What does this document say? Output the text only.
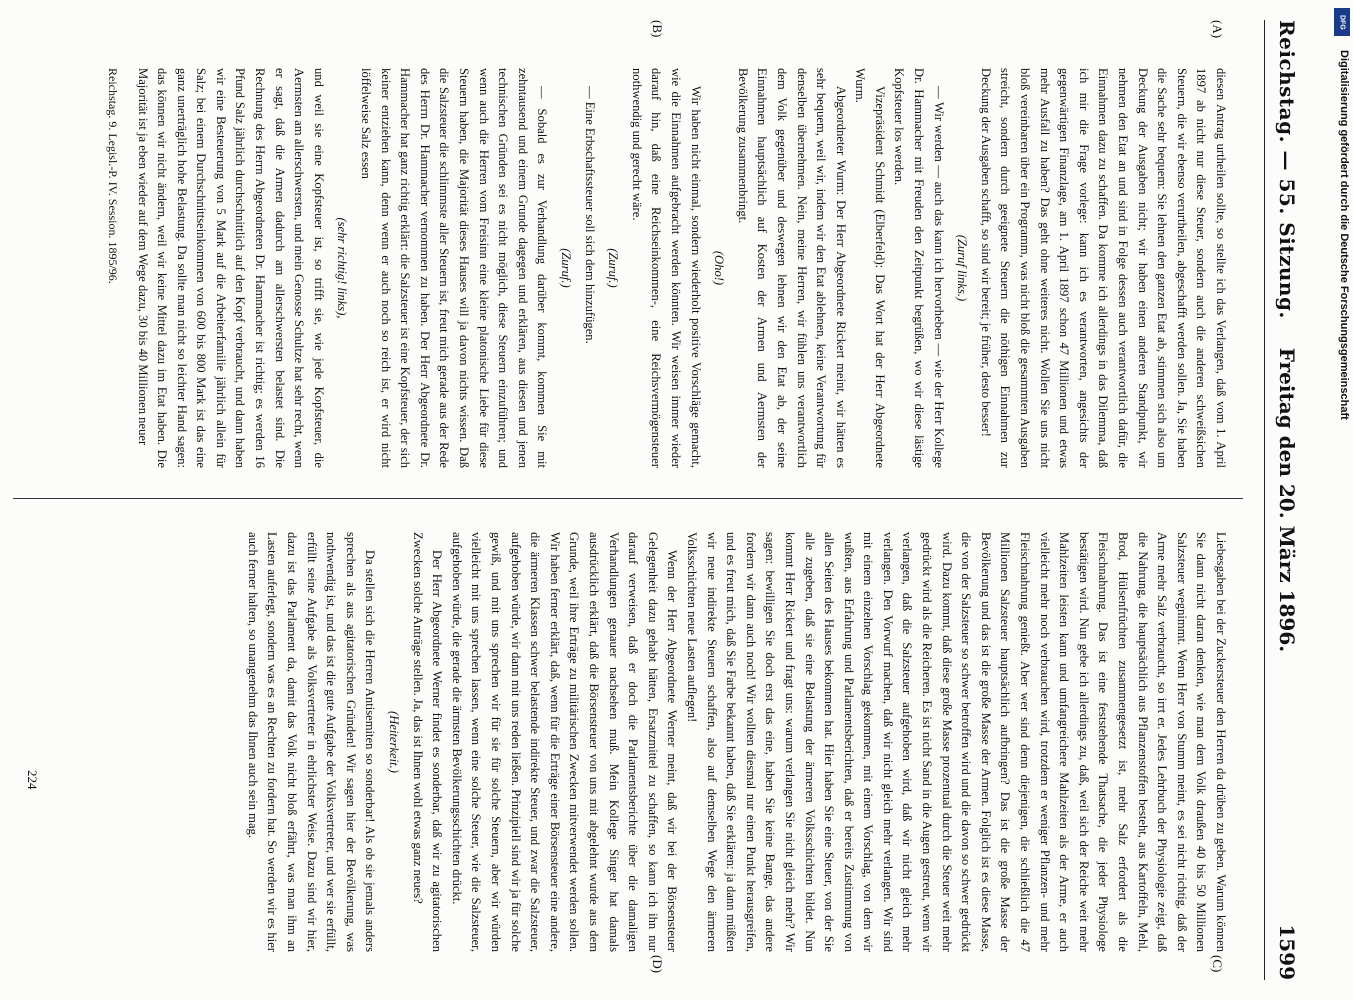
Reichstag. — 55. Sitzung.
Freitag den 20. März 1896.
1599
(A)
(B)
(C)
(D)

diesen Antrag urtheilen sollte, so stellte ich das Verlangen, daß vom 1. April 1897 ab nicht nur diese Steuer, sondern auch die anderen schweißsichen Steuern, die wir ebenso verurtheilen, abgeschafft werden sollen. Ja, Sie haben die Sache sehr bequem: Sie lehnen den ganzen Etat ab, stimmen sich also um Deckung der Ausgaben nicht; wir haben einen anderen Standpunkt, wir nehmen den Etat an und sind in Folge dessen auch verantwortlich dafür, die Einnahmen dazu zu schaffen. Da komme ich allerdings in das Dilemma, daß ich mir die Frage vorlege: kann ich es verantworten, angesichts der gegenwärtigen Finanzlage, am 1. April 1897 schon 47 Millionen und etwas mehr Ausfall zu haben? Das geht ohne weiteres nicht. Wollen Sie uns nicht bloß vereinbaren über ein Programm, was nicht bloß die gesammten Ausgaben streicht, sondern durch geeignete Steuern die nöthigen Einnahmen zur Deckung der Ausgaben schafft, so sind wir bereit; je früher, desto besser!

(Zuruf links.)

— Wir werden — auch das kann ich hervorheben — wie der Herr Kollege Dr. Hammacher mit Freuden den Zeitpunkt begrüßen, wo wir diese lästige Kopfsteuer los werden.

Vizepräsident Schmidt (Elberfeld): Das Wort hat der Herr Abgeordnete Wurm.

Abgeordneter Wurm: Der Herr Abgeordnete Rickert meint, wir hätten es sehr bequem, weil wir, indem wir den Etat ablehnen, keine Verantwortung für denselben übernehmen. Nein, meine Herren, wir fühlen uns verantwortlich dem Volk gegenüber und deswegen lehnen wir den Etat ab, der seine Einnahmen hauptsächlich auf Kosten der Armen und Aermsten der Bevölkerung zusammenbringt.

(Oho!)

Wir haben nicht einmal, sondern wiederholt positive Vorschläge gemacht, wie die Einnahmen aufgebracht werden könnten. Wir weisen immer wieder darauf hin, daß eine Reichseinkommen-, eine Reichsvermögensteuer nothwendig und gerecht wäre.

(Zuruf.)

— Eine Erbschaftssteuer soll sich dem hinzufügen.

(Zuruf.)

— Sobald es zur Verhandlung darüber kommt, kommen Sie mit zehntausend und einem Grunde dagegen und erklären, aus diesen und jenen technischen Gründen sei es nicht möglich, diese Steuern einzuführen; und wenn auch die Herren vom Freisinn eine kleine platonische Liebe für diese Steuern haben, die Majorität dieses Hauses will ja davon nichts wissen. Daß die Salzsteuer die schlimmste aller Steuern ist, freut mich gerade aus der Rede des Herrn Dr. Hammacher vernommen zu haben. Der Herr Abgeordnete Dr. Hammacher hat ganz richtig erklärt: die Salzsteuer ist eine Kopfsteuer, der sich keiner entziehen kann, denn wenn er auch noch so reich ist, er wird nicht löffelweise Salz essen

(sehr richtig! links),

und weil sie eine Kopfsteuer ist, so trifft sie, wie jede Kopfsteuer, die Aermsten am allerschwersten, und mein Genosse Schultze hat sehr recht, wenn er sagt, daß die Armen dadurch am allerschwersten belastet sind. Die Rechnung des Herrn Abgeordneten Dr. Hammacher ist richtig; es werden 16 Pfund Salz jährlich durchschnittlich auf den Kopf verbraucht, und dann haben wir eine Besteuerung von 5 Mark auf die Arbeiterfamilie jährlich allein für Salz; bei einem Durchschnittseinkommen von 600 bis 800 Mark ist das eine ganz unerträglich hohe Belastung. Da sollte man nicht so leichter Hand sagen: das können wir nicht ändern, weil wir keine Mittel dazu im Etat haben. Die Majorität ist ja eben wieder auf dem Wege dazu, 30 bis 40 Millionen neuer

Reichstag. 9. Legisl.-P. IV. Session. 1895/96.

Liebesgaben bei der Zuckersteuer den Herren da drüben zu geben. Warum können Sie dann nicht daran denken, wie man dem Volk draußen 40 bis 50 Millionen Salzsteuer wegnimmt. Wenn Herr von Stumm meint, es sei nicht richtig, daß der Arme mehr Salz verbraucht, so irrt er. Jedes Lehrbuch der Physiologie zeigt, daß die Nahrung, die hauptsächlich aus Pflanzenstoffen besteht, aus Kartoffeln, Mehl, Brod, Hülsenfrüchten zusammengesetzt ist, mehr Salz erfordert als die Fleischnahrung. Das ist eine feststehende Thatsache, die jeder Physiologe bestätigen wird. Nun gebe ich allerdings zu, daß, weil sich der Reiche weit mehr Mahlzeiten leisten kann und umfangreichere Mahlzeiten als der Arme, er auch vielleicht mehr noch verbrauchen wird, trotzdem er weniger Pflanzen- und mehr Fleischnahrung genießt. Aber wer sind denn diejenigen, die schließlich die 47 Millionen Salzsteuer hauptsächlich aufbringen? Das ist die große Masse der Bevölkerung und das ist die große Masse der Armen. Folglich ist es diese Masse, die von der Salzsteuer so schwer betroffen wird und die davon so schwer gedrückt wird. Dazu kommt, daß diese große Masse prozentual durch die Steuer weit mehr gedrückt wird als die Reicheren. Es ist nicht Sand in die Augen gestreut, wenn wir verlangen, daß die Salzsteuer aufgehoben wird, daß wir nicht gleich mehr verlangen. Den Vorwurf machen, daß wir nicht gleich mehr verlangen. Wir sind mit einem einzelnen Vorschlag gekommen, mit einem Vorschlag, von dem wir wußten, aus Erfahrung und Parlamentsberichten, daß er bereits Zustimmung von allen Seiten des Hauses bekommen hat. Hier haben Sie eine Steuer, von der Sie alle zugeben, daß sie eine Belastung der ärmeren Volksschichten bildet. Nun kommt Herr Rickert und fragt uns: warum verlangen Sie nicht gleich mehr? Wir sagen: bewilligen Sie doch erst das eine, haben Sie keine Bange, das andere fordern wir dann auch noch! Wir wollten diesmal nur einen Punkt herausgreifen, und es freut mich, daß Sie Farbe bekannt haben, daß Sie erklären: ja dann müßten wir neue indirekte Steuern schaffen, also auf demselben Wege den ärmeren Volksschichten neue Lasten auflegen!

Wenn der Herr Abgeordnete Werner meint, daß wir bei der Börsensteuer Gelegenheit dazu gehabt hätten, Ersatzmittel zu schaffen, so kann ich ihn nur darauf verweisen, daß er doch die Parlamentsberichte über die damaligen Verhandlungen genauer nachsehen muß. Mein Kollege Singer hat damals ausdrücklich erklärt, daß die Börsensteuer von uns mit abgelehnt wurde aus dem Grunde, weil ihre Erträge zu militärischen Zwecken mitverwendet werden sollen. Wir haben ferner erklärt, daß, wenn für die Erträge einer Börsensteuer eine andere, die ärmeren Klassen schwer belastende indirekte Steuer, und zwar die Salzsteuer, aufgehoben würde, wir dann mit uns reden ließen. Prinzipiell sind wir ja für solche gewiß, und mit uns sprechen wir für sie für solche Steuern, aber wir würden vielleicht mit uns sprechen lassen, wenn eine solche Steuer, wie die Salzsteuer, aufgehoben würde, die gerade die ärmsten Bevölkerungsschichten drückt.

Der Herr Abgeordnete Werner findet es sonderbar, daß wir zu agitatorischen Zwecken solche Anträge stellen. Ja, das ist Ihnen wohl etwas ganz neues?

(Heiterkeit.)

Da stellen sich die Herren Antisemiten so sonderbar! Als ob sie jemals anders sprechen als aus agitatorischen Gründen! Wir sagen hier der Bevölkerung, was nothwendig ist, und das ist die gute Aufgabe der Volksvertreter, und wer sie erfüllt, erfüllt seine Aufgabe als Volksvertreter in ehrlichster Weise. Dazu sind wir hier, dazu ist das Parlament da, damit das Volk nicht bloß erfährt, was man ihm an Lasten auferlegt, sondern was es an Rechten zu fordern hat. So werden wir es hier auch ferner halten, so unangenehm das Ihnen auch sein mag.

224
DFG
Digitalisierung gefördert durch die Deutsche Forschungsgemeinschaft
